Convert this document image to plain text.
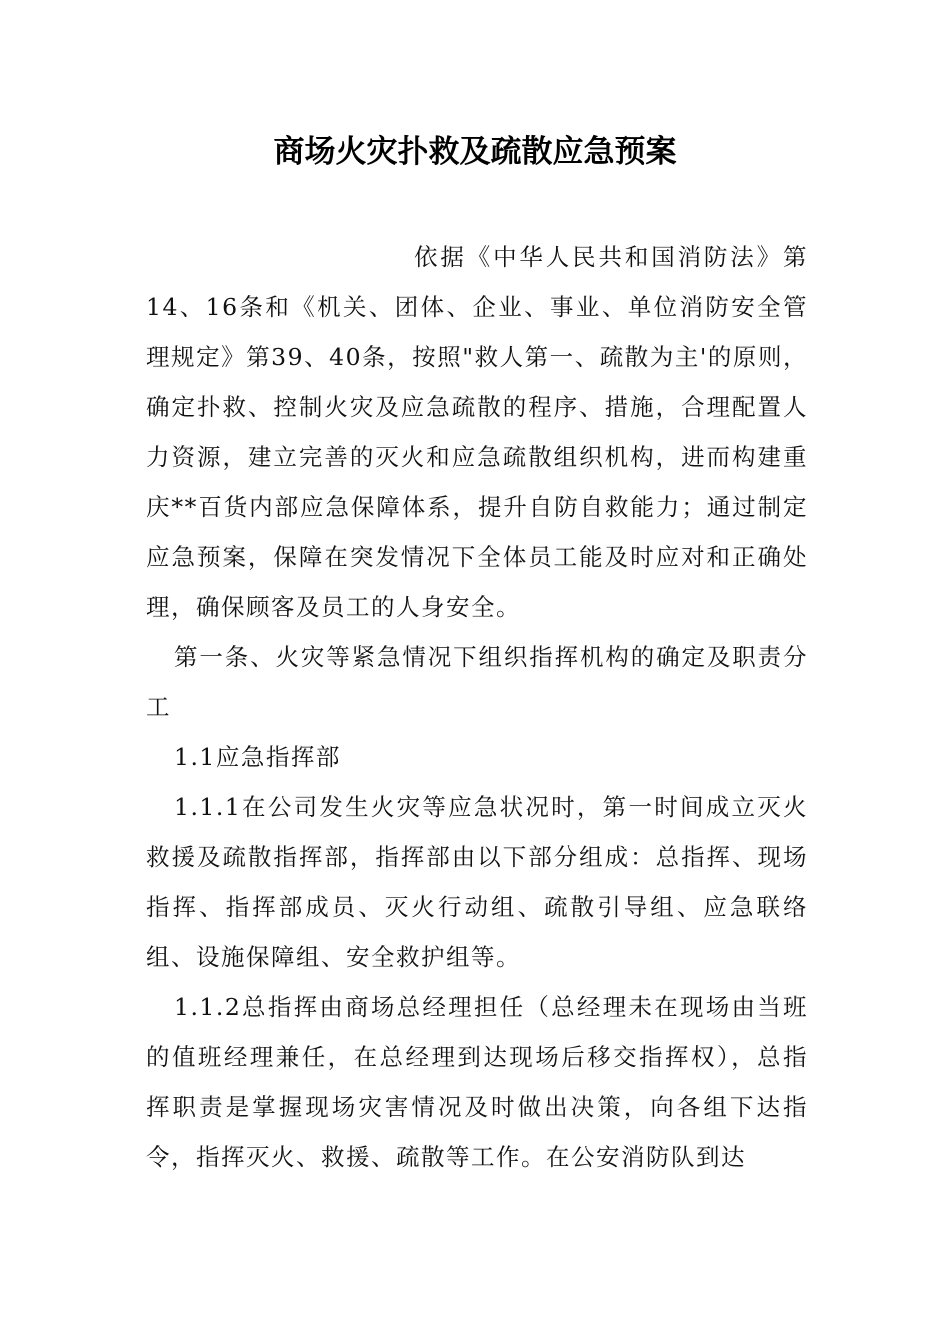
商场火灾扑救及疏散应急预案

依据《中华人民共和国消防法》第14、16条和《机关、团体、企业、事业、单位消防安全管理规定》第39、40条，按照"救人第一、疏散为主'的原则，确定扑救、控制火灾及应急疏散的程序、措施，合理配置人力资源，建立完善的灭火和应急疏散组织机构，进而构建重庆**百货内部应急保障体系，提升自防自救能力；通过制定应急预案，保障在突发情况下全体员工能及时应对和正确处理，确保顾客及员工的人身安全。

第一条、火灾等紧急情况下组织指挥机构的确定及职责分工

1.1应急指挥部

1.1.1在公司发生火灾等应急状况时，第一时间成立灭火救援及疏散指挥部，指挥部由以下部分组成：总指挥、现场指挥、指挥部成员、灭火行动组、疏散引导组、应急联络组、设施保障组、安全救护组等。

1.1.2总指挥由商场总经理担任（总经理未在现场由当班的值班经理兼任，在总经理到达现场后移交指挥权），总指挥职责是掌握现场灾害情况及时做出决策，向各组下达指令，指挥灭火、救援、疏散等工作。在公安消防队到达
